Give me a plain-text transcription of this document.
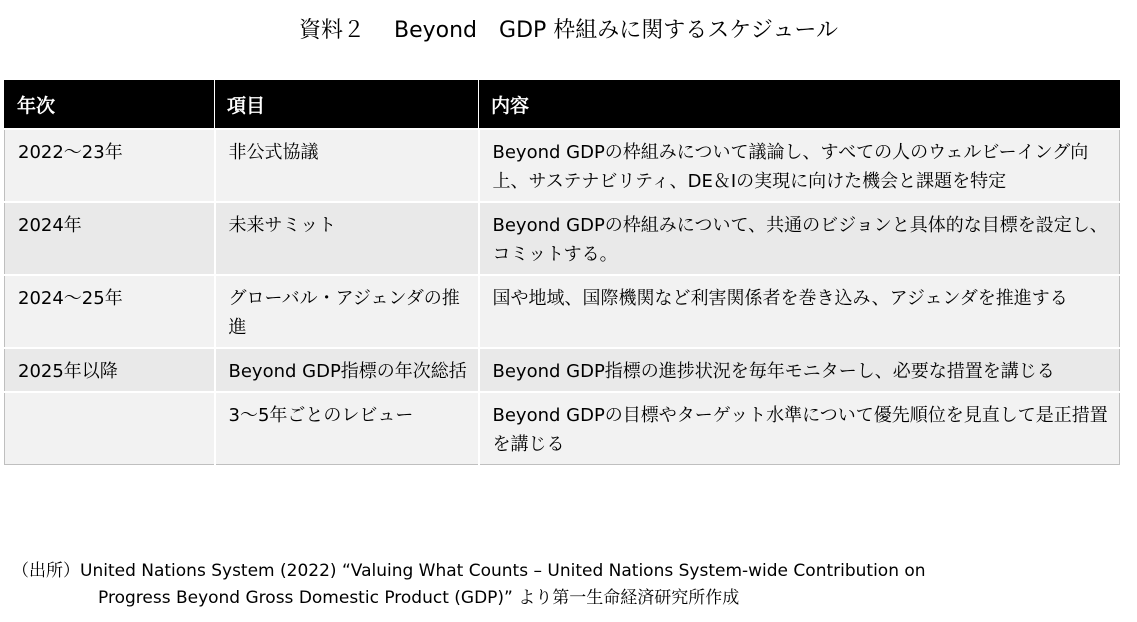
資料２　 Beyond　GDP 枠組みに関するスケジュール
年次	項目	内容
2022～23年	非公式協議	Beyond GDPの枠組みについて議論し、すべての人のウェルビーイング向上、サステナビリティ、DE＆Iの実現に向けた機会と課題を特定
2024年	未来サミット	Beyond GDPの枠組みについて、共通のビジョンと具体的な目標を設定し、コミットする。
2024～25年	グローバル・アジェンダの推進	国や地域、国際機関など利害関係者を巻き込み、アジェンダを推進する
2025年以降	Beyond GDP指標の年次総括	Beyond GDP指標の進捗状況を毎年モニターし、必要な措置を講じる
	3～5年ごとのレビュー	Beyond GDPの目標やターゲット水準について優先順位を見直して是正措置を講じる
（出所）United Nations System (2022) “Valuing What Counts – United Nations System-wide Contribution on
Progress Beyond Gross Domestic Product (GDP)” より第一生命経済研究所作成
